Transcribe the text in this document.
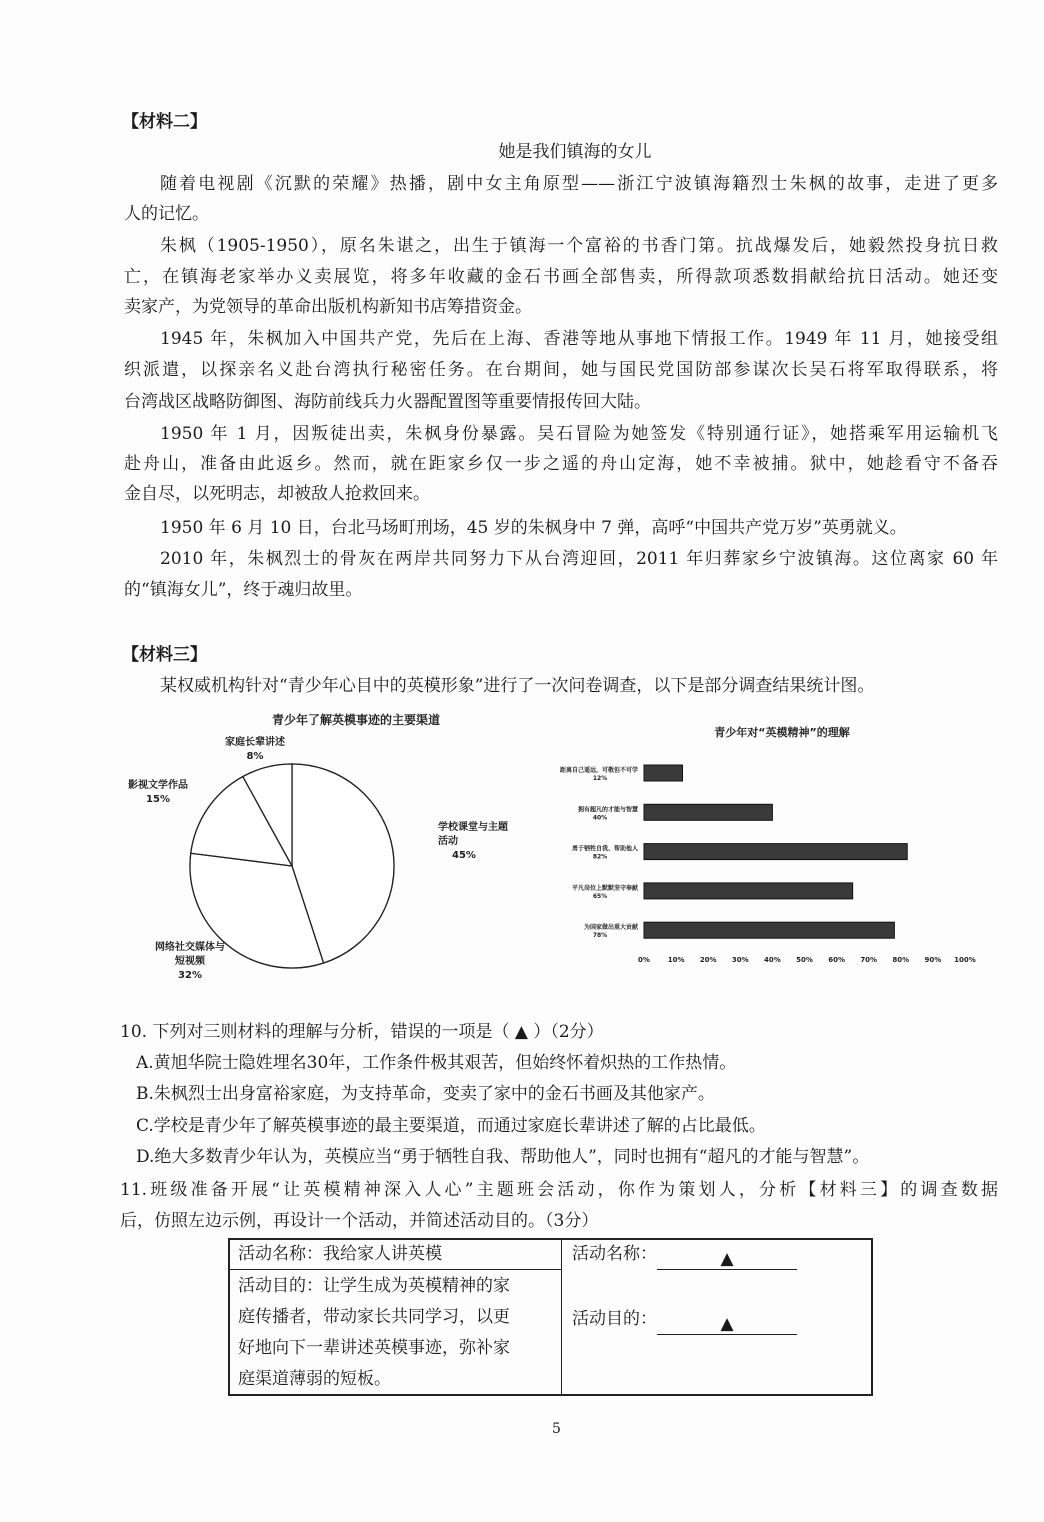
【材料二】
她是我们镇海的女儿
随着电视剧《沉默的荣耀》热播，剧中女主角原型——浙江宁波镇海籍烈士朱枫的故事，走进了更多
人的记忆。
朱枫（1905-1950），原名朱谌之，出生于镇海一个富裕的书香门第。抗战爆发后，她毅然投身抗日救
亡，在镇海老家举办义卖展览，将多年收藏的金石书画全部售卖，所得款项悉数捐献给抗日活动。她还变
卖家产，为党领导的革命出版机构新知书店筹措资金。
1945 年，朱枫加入中国共产党，先后在上海、香港等地从事地下情报工作。1949 年 11 月，她接受组
织派遣，以探亲名义赴台湾执行秘密任务。在台期间，她与国民党国防部参谋次长吴石将军取得联系，将
台湾战区战略防御图、海防前线兵力火器配置图等重要情报传回大陆。
1950 年 1 月，因叛徒出卖，朱枫身份暴露。吴石冒险为她签发《特别通行证》，她搭乘军用运输机飞
赴舟山，准备由此返乡。然而，就在距家乡仅一步之遥的舟山定海，她不幸被捕。狱中，她趁看守不备吞
金自尽，以死明志，却被敌人抢救回来。
1950 年 6 月 10 日，台北马场町刑场，45 岁的朱枫身中 7 弹，高呼“中国共产党万岁”英勇就义。
2010 年，朱枫烈士的骨灰在两岸共同努力下从台湾迎回，2011 年归葬家乡宁波镇海。这位离家 60 年
的“镇海女儿”，终于魂归故里。
【材料三】
某权威机构针对“青少年心目中的英模形象”进行了一次问卷调查，以下是部分调查结果统计图。
青少年了解英模事迹的主要渠道
学校课堂与主题
活动
45%
网络社交媒体与
短视频
32%
影视文学作品
15%
家庭长辈讲述
8%
青少年对“英模精神”的理解
距离自己遥远，可敬但不可学
12%
拥有超凡的才能与智慧
40%
勇于牺牲自我、帮助他人
82%
平凡岗位上默默坚守奉献
65%
为国家做出重大贡献
78%
0%	10% 20% 30% 40% 50% 60% 70% 80% 90% 100%
10. 下列对三则材料的理解与分析，错误的一项是（ ▲ ）（2分）
A.黄旭华院士隐姓埋名30年，工作条件极其艰苦，但始终怀着炽热的工作热情。
B.朱枫烈士出身富裕家庭，为支持革命，变卖了家中的金石书画及其他家产。
C.学校是青少年了解英模事迹的最主要渠道，而通过家庭长辈讲述了解的占比最低。
D.绝大多数青少年认为，英模应当“勇于牺牲自我、帮助他人”，同时也拥有“超凡的才能与智慧”。
11.班级准备开展“让英模精神深入人心”主题班会活动，你作为策划人，分析【材料三】的调查数据
后，仿照左边示例，再设计一个活动，并简述活动目的。（3分）
活动名称：我给家人讲英模
活动目的：让学生成为英模精神的家
庭传播者，带动家长共同学习，以更
好地向下一辈讲述英模事迹，弥补家
庭渠道薄弱的短板。
活动名称：	▲
活动目的：	▲
5
